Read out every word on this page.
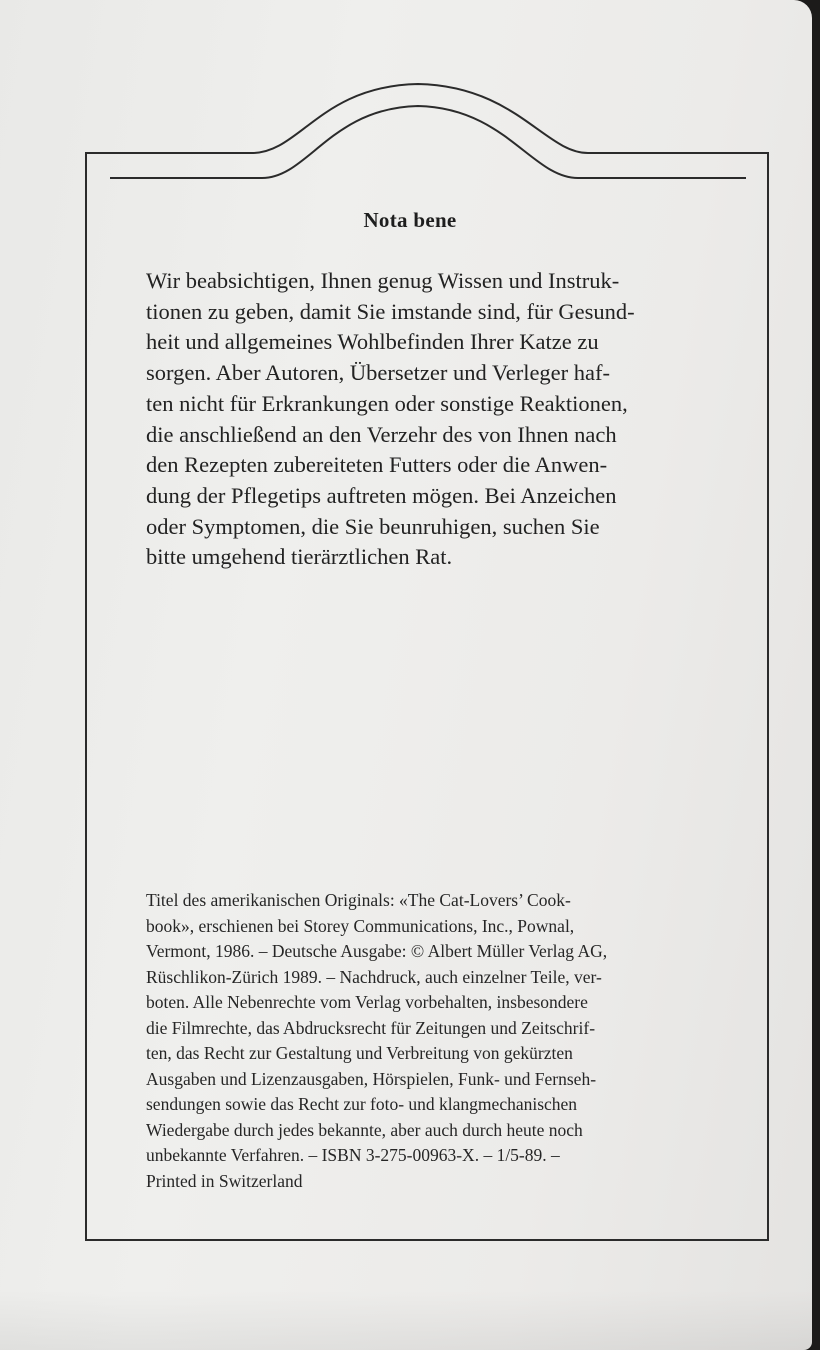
Nota bene

Wir beabsichtigen, Ihnen genug Wissen und Instruk-
tionen zu geben, damit Sie imstande sind, für Gesund-
heit und allgemeines Wohlbefinden Ihrer Katze zu
sorgen. Aber Autoren, Übersetzer und Verleger haf-
ten nicht für Erkrankungen oder sonstige Reaktionen,
die anschließend an den Verzehr des von Ihnen nach
den Rezepten zubereiteten Futters oder die Anwen-
dung der Pflegetips auftreten mögen. Bei Anzeichen
oder Symptomen, die Sie beunruhigen, suchen Sie
bitte umgehend tierärztlichen Rat.

Titel des amerikanischen Originals: «The Cat-Lovers’ Cook-
book», erschienen bei Storey Communications, Inc., Pownal,
Vermont, 1986. – Deutsche Ausgabe: © Albert Müller Verlag AG,
Rüschlikon-Zürich 1989. – Nachdruck, auch einzelner Teile, ver-
boten. Alle Nebenrechte vom Verlag vorbehalten, insbesondere
die Filmrechte, das Abdrucksrecht für Zeitungen und Zeitschrif-
ten, das Recht zur Gestaltung und Verbreitung von gekürzten
Ausgaben und Lizenzausgaben, Hörspielen, Funk- und Fernseh-
sendungen sowie das Recht zur foto- und klangmechanischen
Wiedergabe durch jedes bekannte, aber auch durch heute noch
unbekannte Verfahren. – ISBN 3-275-00963-X. – 1/5-89. –
Printed in Switzerland
